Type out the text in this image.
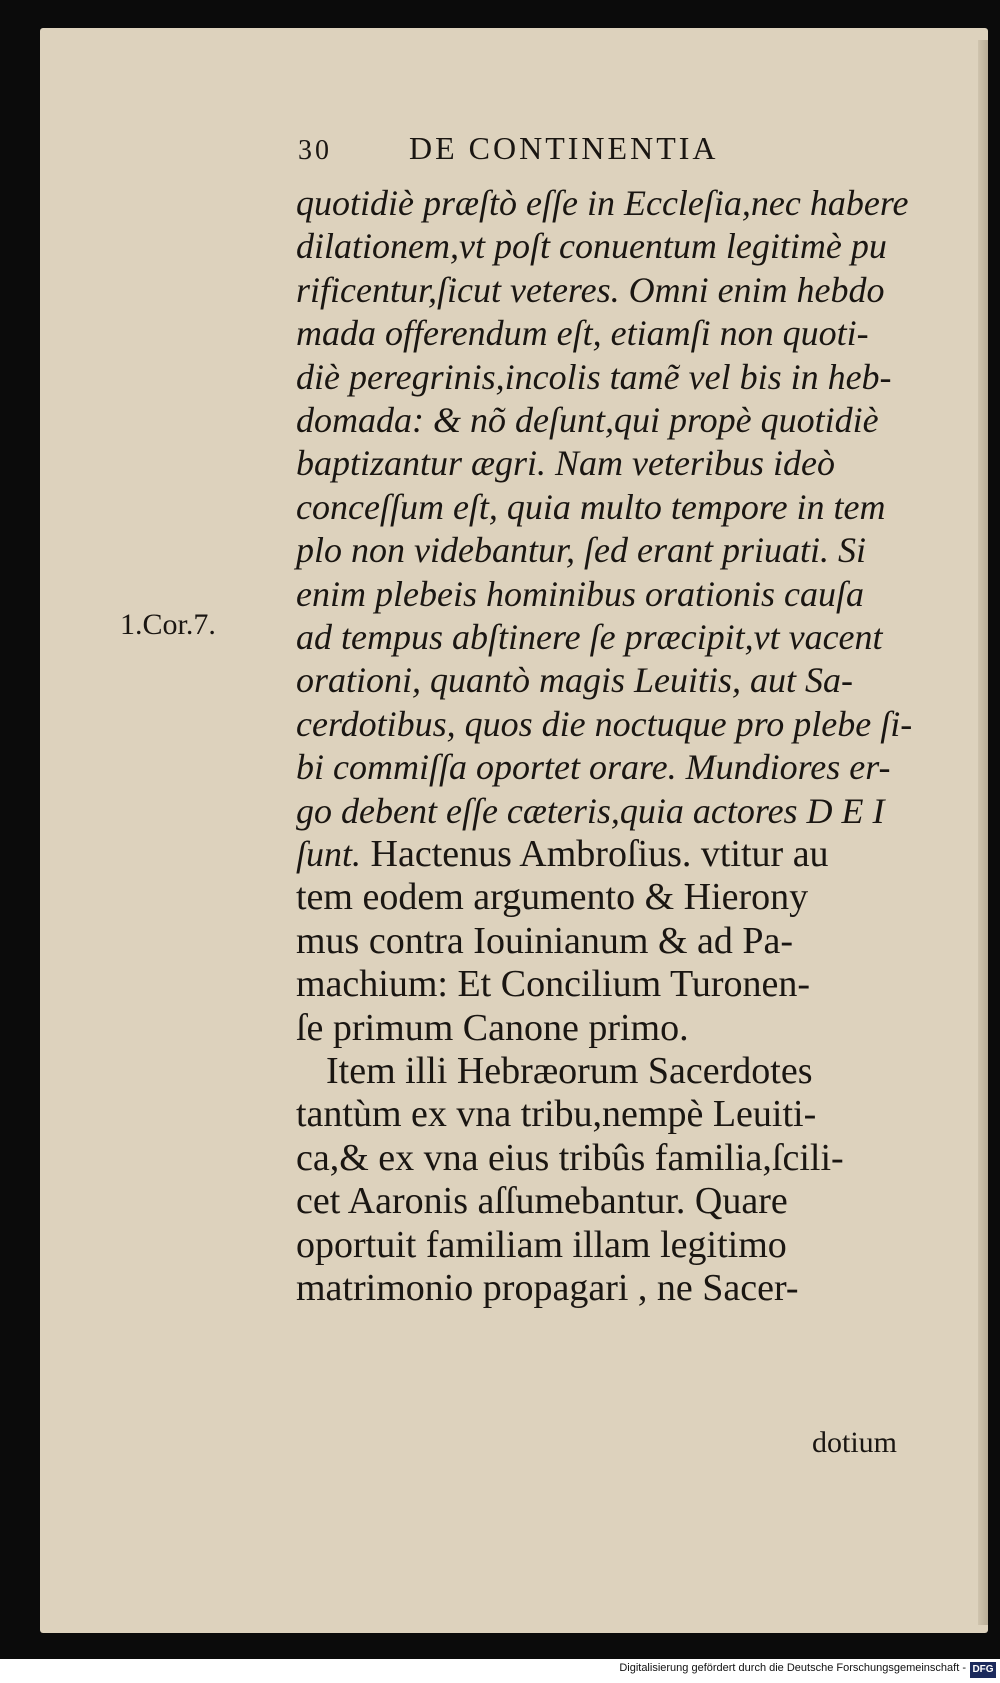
30 DE CONTINENTIA
1.Cor.7.
quotidiè præſtò eſſe in Eccleſia,nec habere
dilationem,vt poſt conuentum legitimè pu
rificentur,ſicut veteres. Omni enim hebdo
mada offerendum eſt, etiamſi non quoti-
diè peregrinis,incolis tamẽ vel bis in heb-
domada: & nõ deſunt,qui propè quotidiè
baptizantur ægri. Nam veteribus ideò
conceſſum eſt, quia multo tempore in tem
plo non videbantur, ſed erant priuati. Si
enim plebeis hominibus orationis cauſa
ad tempus abſtinere ſe præcipit,vt vacent
orationi, quantò magis Leuitis, aut Sa-
cerdotibus, quos die noctuque pro plebe ſi-
bi commiſſa oportet orare. Mundiores er-
go debent eſſe cæteris,quia actores D E I
ſunt. Hactenus Ambroſius. vtitur au
tem eodem argumento & Hierony
mus contra Iouinianum & ad Pa-
machium: Et Concilium Turonen-
ſe primum Canone primo.
Item illi Hebræorum Sacerdotes
tantùm ex vna tribu,nempè Leuiti-
ca,& ex vna eius tribûs familia,ſcili-
cet Aaronis aſſumebantur. Quare
oportuit familiam illam legitimo
matrimonio propagari , ne Sacer-
dotium
Digitalisierung gefördert durch die Deutsche Forschungsgemeinschaft - DFG
